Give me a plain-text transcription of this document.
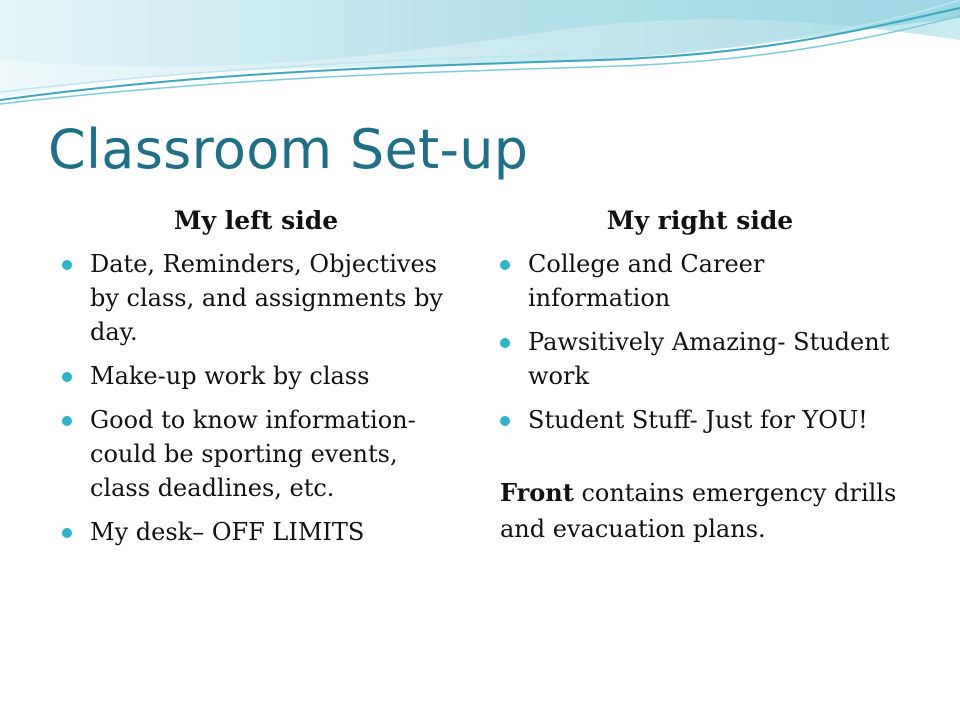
Classroom Set-up
My left side
Date, Reminders, Objectives by class, and assignments by day.
Make-up work by class
Good to know information- could be sporting events, class deadlines, etc.
My desk– OFF LIMITS
My right side
College and Career information
Pawsitively Amazing- Student work
Student Stuff- Just for YOU!

Front contains emergency drills and evacuation plans.
